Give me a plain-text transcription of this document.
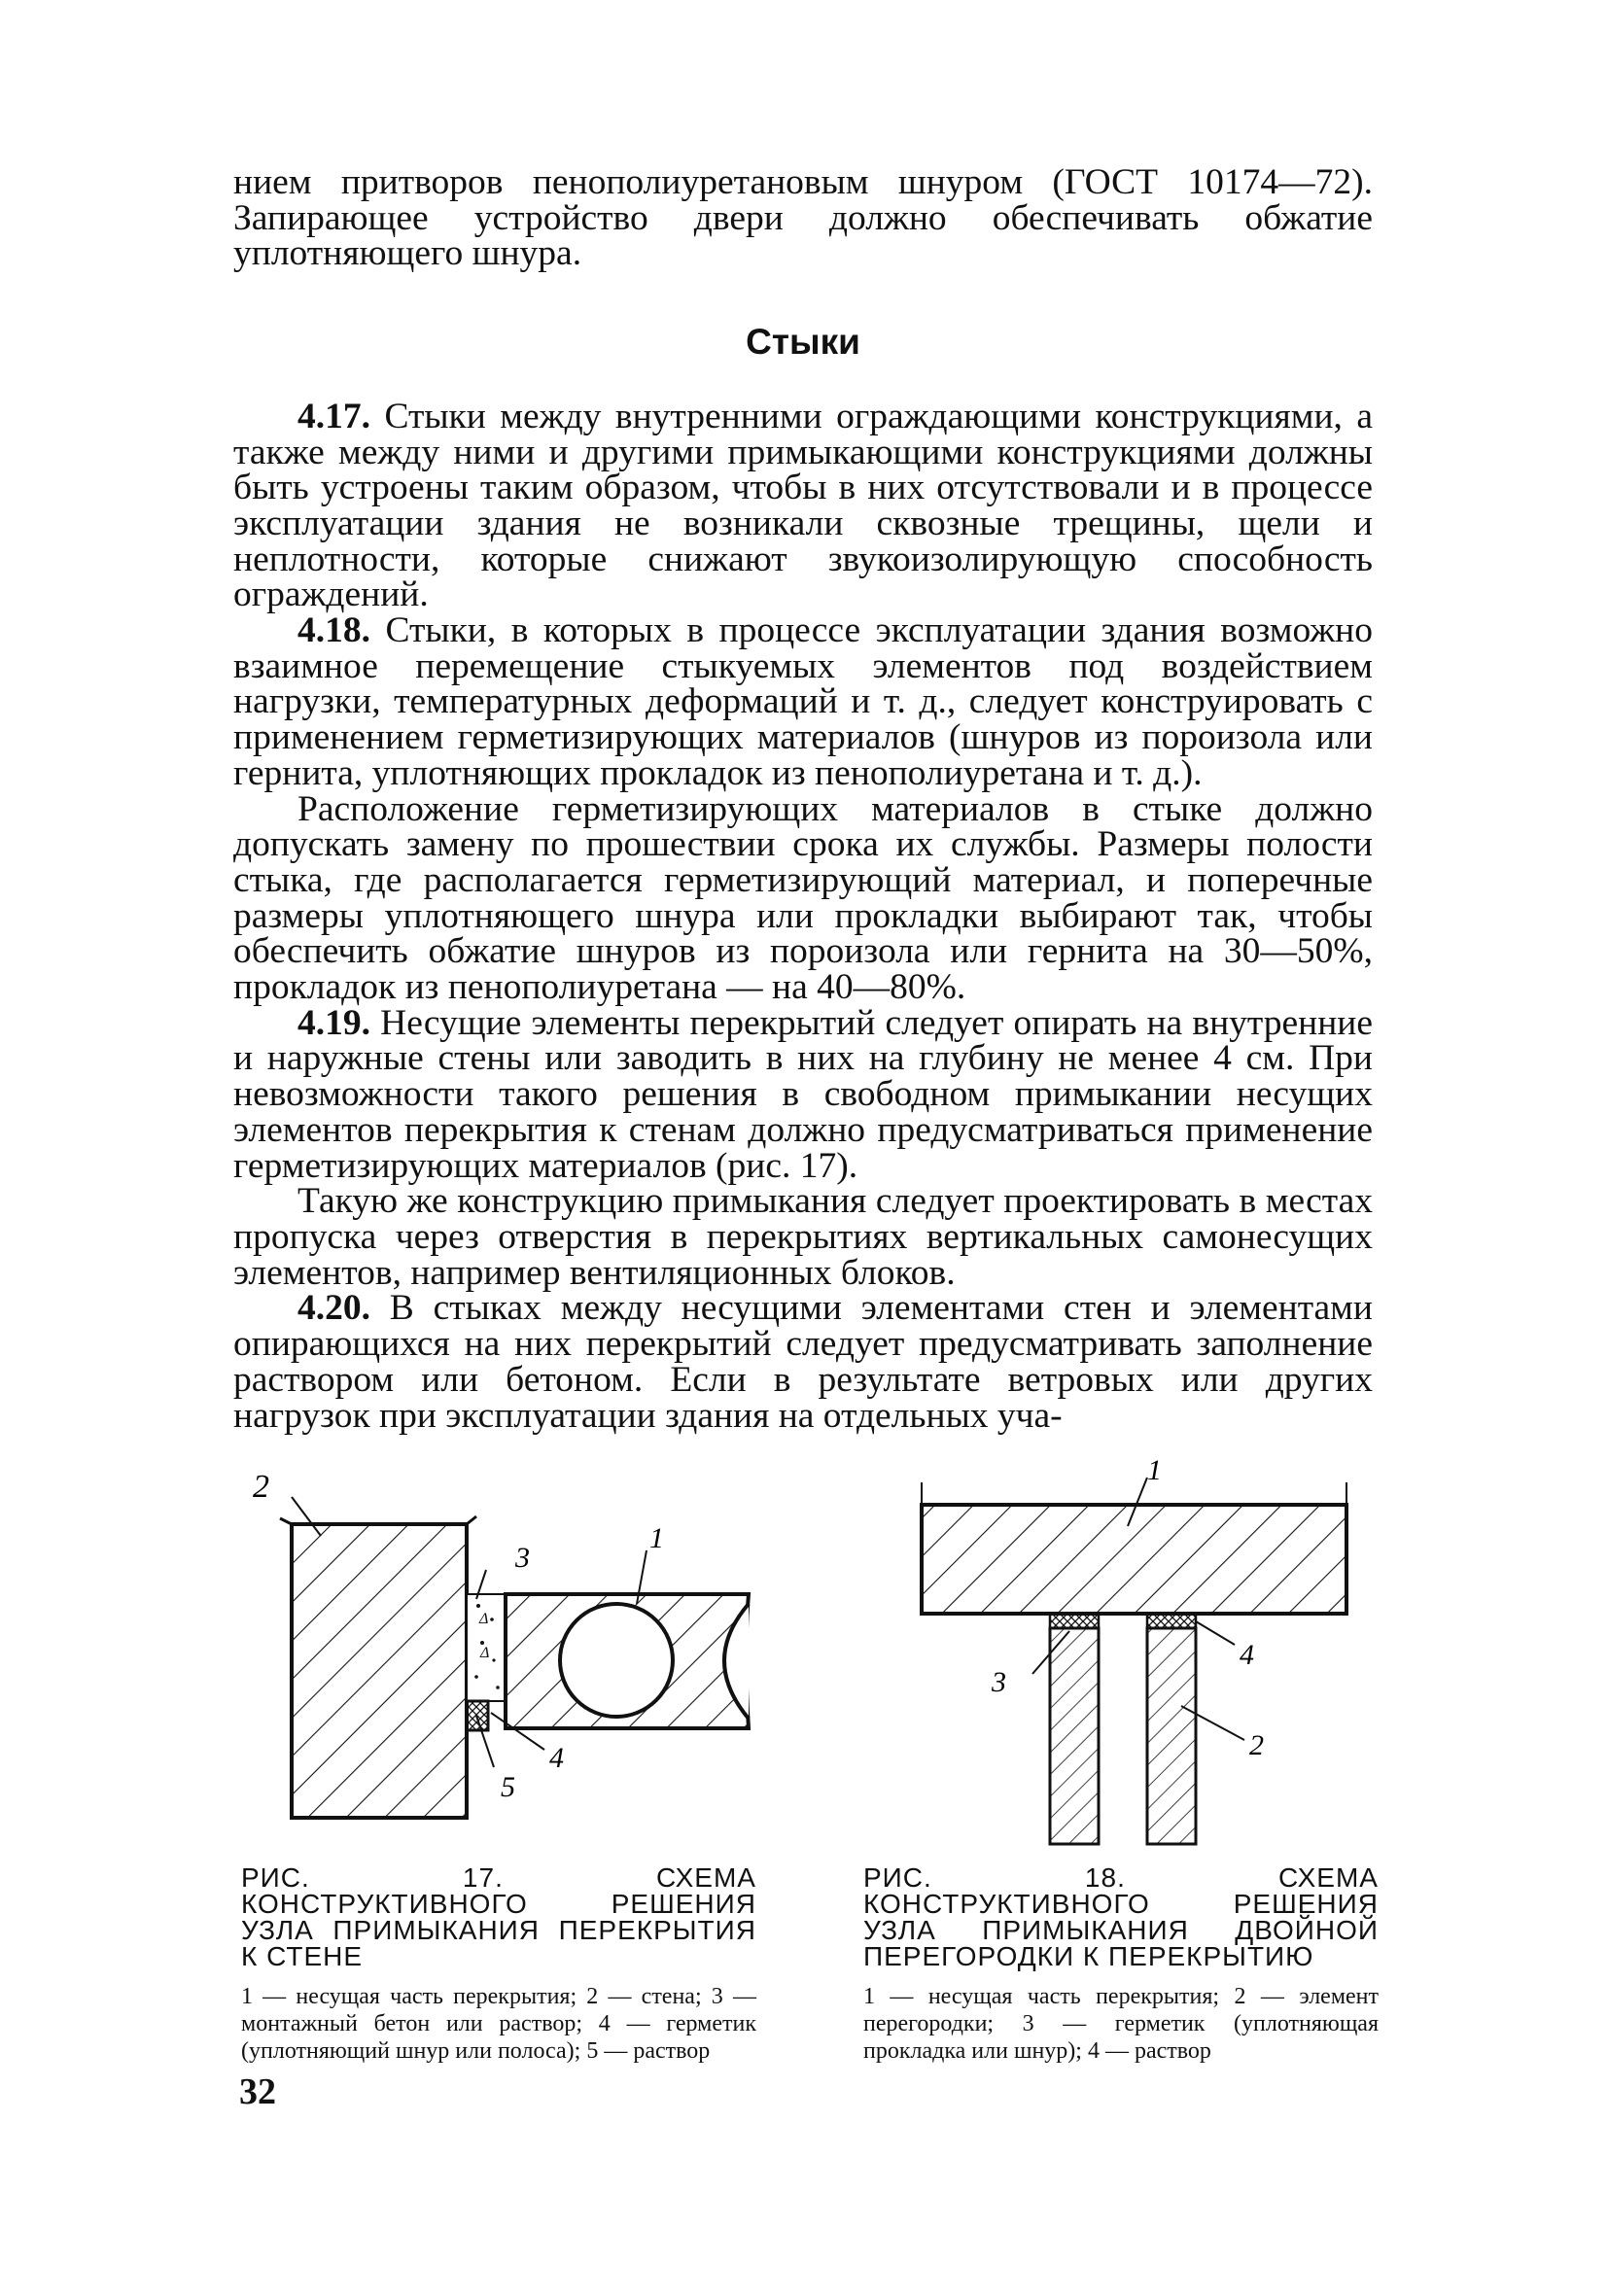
нием притворов пенополиуретановым шнуром (ГОСТ 10174—72). Запирающее устройство двери должно обеспечивать обжатие уплотняющего шнура.

Стыки

4.17. Стыки между внутренними ограждающими конструкциями, а также между ними и другими примыкающими конструкциями должны быть устроены таким образом, чтобы в них отсутствовали и в процессе эксплуатации здания не возникали сквозные трещины, щели и неплотности, которые снижают звукоизолирующую способность ограждений.

4.18. Стыки, в которых в процессе эксплуатации здания возможно взаимное перемещение стыкуемых элементов под воздействием нагрузки, температурных деформаций и т. д., следует конструировать с применением герметизирующих материалов (шнуров из пороизола или гернита, уплотняющих прокладок из пенополиуретана и т. д.).

Расположение герметизирующих материалов в стыке должно допускать замену по прошествии срока их службы. Размеры полости стыка, где располагается герметизирующий материал, и поперечные размеры уплотняющего шнура или прокладки выбирают так, чтобы обеспечить обжатие шнуров из пороизола или гернита на 30—50%, прокладок из пенополиуретана — на 40—80%.

4.19. Несущие элементы перекрытий следует опирать на внутренние и наружные стены или заводить в них на глубину не менее 4 см. При невозможности такого решения в свободном примыкании несущих элементов перекрытия к стенам должно предусматриваться применение герметизирующих материалов (рис. 17).

Такую же конструкцию примыкания следует проектировать в местах пропуска через отверстия в перекрытиях вертикальных самонесущих элементов, например вентиляционных блоков.

4.20. В стыках между несущими элементами стен и элементами опирающихся на них перекрытий следует предусматривать заполнение раствором или бетоном. Если в результате ветровых или других нагрузок при эксплуатации здания на отдельных уча-

Δ
Δ
2
3
1
5
4
РИС. 17. СХЕМА КОНСТРУКТИВНОГО РЕШЕНИЯ УЗЛА ПРИМЫКАНИЯ ПЕРЕКРЫТИЯ К СТЕНЕ
1 — несущая часть перекрытия; 2 — стена; 3 — монтажный бетон или раствор; 4 — герметик (уплотняющий шнур или полоса); 5 — раствор
1
4
3
2
РИС. 18. СХЕМА КОНСТРУКТИВНОГО РЕШЕНИЯ УЗЛА ПРИМЫКАНИЯ ДВОЙНОЙ ПЕРЕГОРОДКИ К ПЕРЕКРЫТИЮ
1 — несущая часть перекрытия; 2 — элемент перегородки; 3 — герметик (уплотняющая прокладка или шнур); 4 — раствор
32
